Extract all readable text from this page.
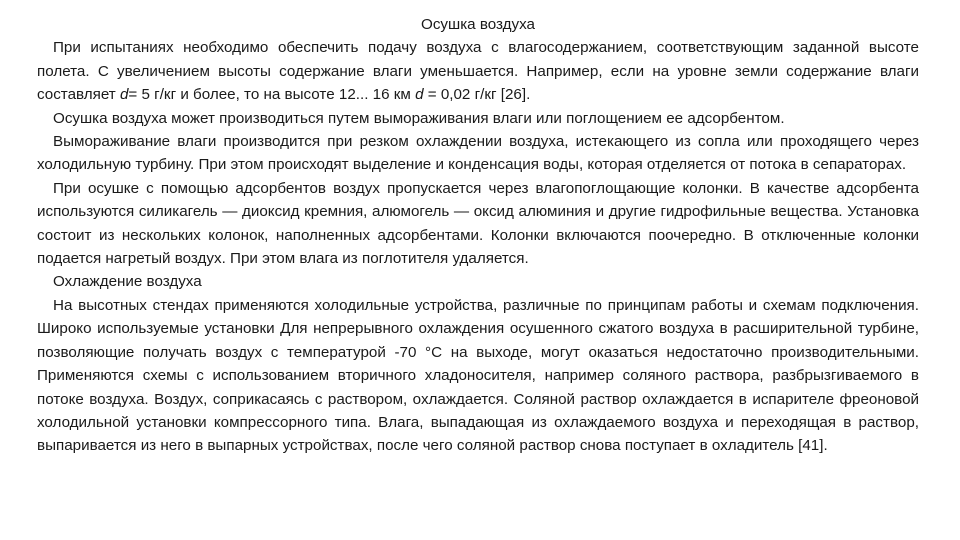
Осушка воздуха

При испытаниях необходимо обеспечить подачу воздуха с влагосодержанием, соответствующим заданной высоте полета. С увеличением высоты содержание влаги уменьшается. Например, если на уровне земли содержание влаги составляет d= 5 г/кг и более, то на высоте 12... 16 км d = 0,02 г/кг [26].

Осушка воздуха может производиться путем вымораживания влаги или поглощением ее адсорбентом.

Вымораживание влаги производится при резком охлаждении воздуха, истекающего из сопла или проходящего через холодильную турбину. При этом происходят выделение и конденсация воды, которая отделяется от потока в сепараторах.

При осушке с помощью адсорбентов воздух пропускается через влагопоглощающие колонки. В качестве адсорбента используются силикагель — диоксид кремния, алюмогель — оксид алюминия и другие гидрофильные вещества. Установка состоит из нескольких колонок, наполненных адсорбентами. Колонки включаются поочередно. В отключенные колонки подается нагретый воздух. При этом влага из поглотителя удаляется.

Охлаждение воздуха

На высотных стендах применяются холодильные устройства, различные по принципам работы и схемам подключения. Широко используемые установки Для непрерывного охлаждения осушенного сжатого воздуха в расширительной турбине, позволяющие получать воздух с температурой -70 °С на выходе, могут оказаться недостаточно производительными. Применяются схемы с использованием вторичного хладоносителя, например соляного раствора, разбрызгиваемого в потоке воздуха. Воздух, соприкасаясь с раствором, охлаждается. Соляной раствор охлаждается в испарителе фреоновой холодильной установки компрессорного типа. Влага, выпадающая из охлаждаемого воздуха и переходящая в раствор, выпаривается из него в выпарных устройствах, после чего соляной раствор снова поступает в охладитель [41].
